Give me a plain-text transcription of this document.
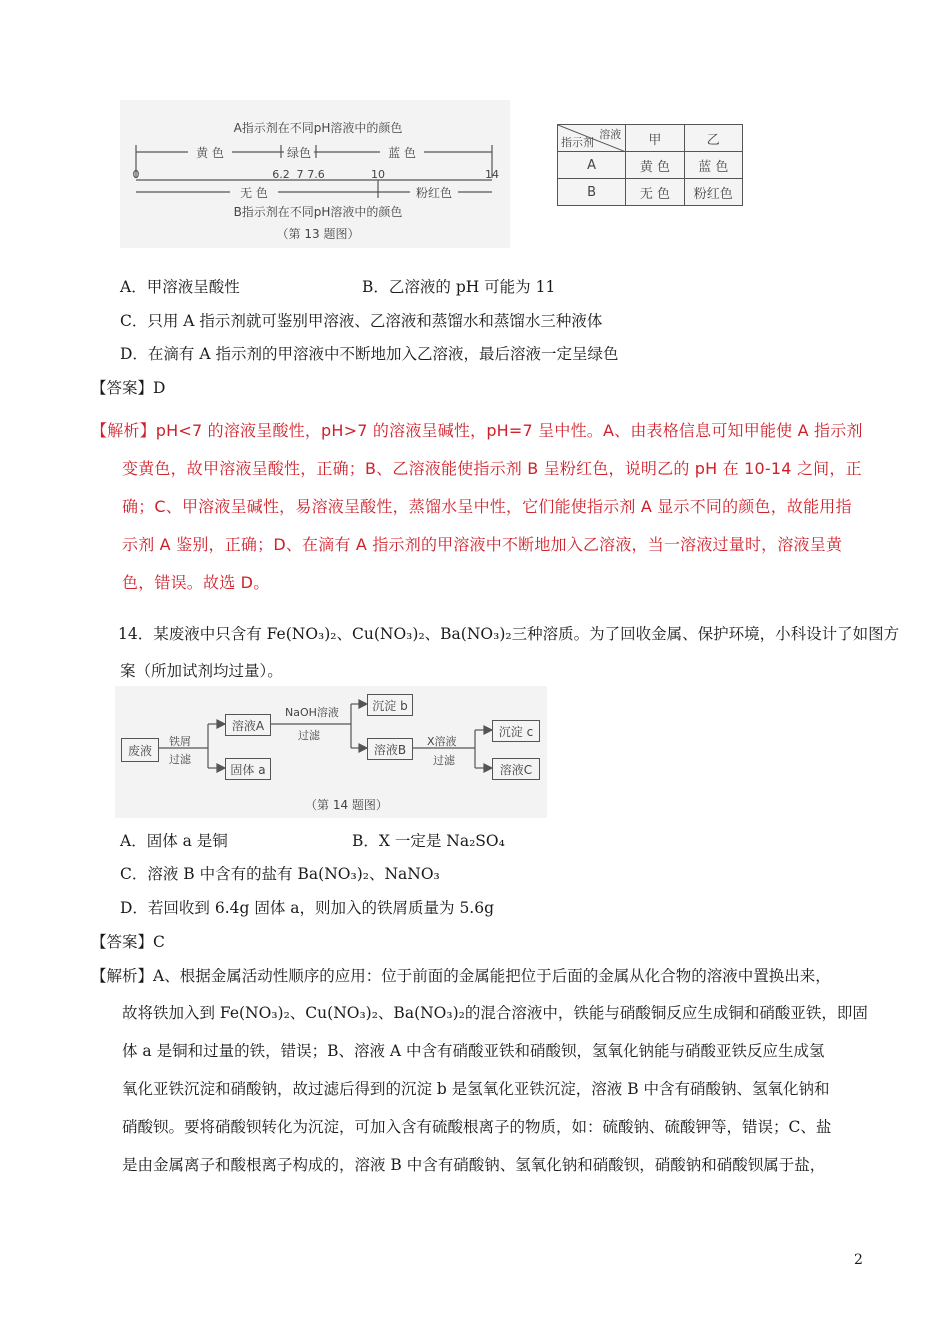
A指示剂在不同pH溶液中的颜色
黄 色	绿色	蓝 色
0	6.2 7 7.6	10	14
无 色	粉红色
B指示剂在不同pH溶液中的颜色
（第 13 题图）
溶液
指示剂	甲	乙
A	黄 色	蓝 色
B	无 色	粉红色
A．甲溶液呈酸性	B．乙溶液的 pH 可能为 11
C．只用 A 指示剂就可鉴别甲溶液、乙溶液和蒸馏水和蒸馏水三种液体
D．在滴有 A 指示剂的甲溶液中不断地加入乙溶液，最后溶液一定呈绿色
【答案】D
【解析】pH<7 的溶液呈酸性，pH>7 的溶液呈碱性，pH=7 呈中性。A、由表格信息可知甲能使 A 指示剂
变黄色，故甲溶液呈酸性，正确；B、乙溶液能使指示剂 B 呈粉红色，说明乙的 pH 在 10-14 之间，正
确；C、甲溶液呈碱性，易溶液呈酸性，蒸馏水呈中性，它们能使指示剂 A 显示不同的颜色，故能用指
示剂 A 鉴别，正确；D、在滴有 A 指示剂的甲溶液中不断地加入乙溶液，当一溶液过量时，溶液呈黄
色，错误。故选 D。
14．某废液中只含有 Fe(NO₃)₂、Cu(NO₃)₂、Ba(NO₃)₂三种溶质。为了回收金属、保护环境，小科设计了如图方
案（所加试剂均过量）。
废液
铁屑
过滤
溶液A
固体 a
NaOH溶液
过滤
沉淀 b
溶液B
X溶液
过滤
沉淀 c
溶液C
（第 14 题图）
A．固体 a 是铜	B．X 一定是 Na₂SO₄
C．溶液 B 中含有的盐有 Ba(NO₃)₂、NaNO₃
D．若回收到 6.4g 固体 a，则加入的铁屑质量为 5.6g
【答案】C
【解析】A、根据金属活动性顺序的应用：位于前面的金属能把位于后面的金属从化合物的溶液中置换出来，
故将铁加入到 Fe(NO₃)₂、Cu(NO₃)₂、Ba(NO₃)₂的混合溶液中，铁能与硝酸铜反应生成铜和硝酸亚铁，即固
体 a 是铜和过量的铁，错误；B、溶液 A 中含有硝酸亚铁和硝酸钡，氢氧化钠能与硝酸亚铁反应生成氢
氧化亚铁沉淀和硝酸钠，故过滤后得到的沉淀 b 是氢氧化亚铁沉淀，溶液 B 中含有硝酸钠、氢氧化钠和
硝酸钡。要将硝酸钡转化为沉淀，可加入含有硫酸根离子的物质，如：硫酸钠、硫酸钾等，错误；C、盐
是由金属离子和酸根离子构成的，溶液 B 中含有硝酸钠、氢氧化钠和硝酸钡，硝酸钠和硝酸钡属于盐，
2
